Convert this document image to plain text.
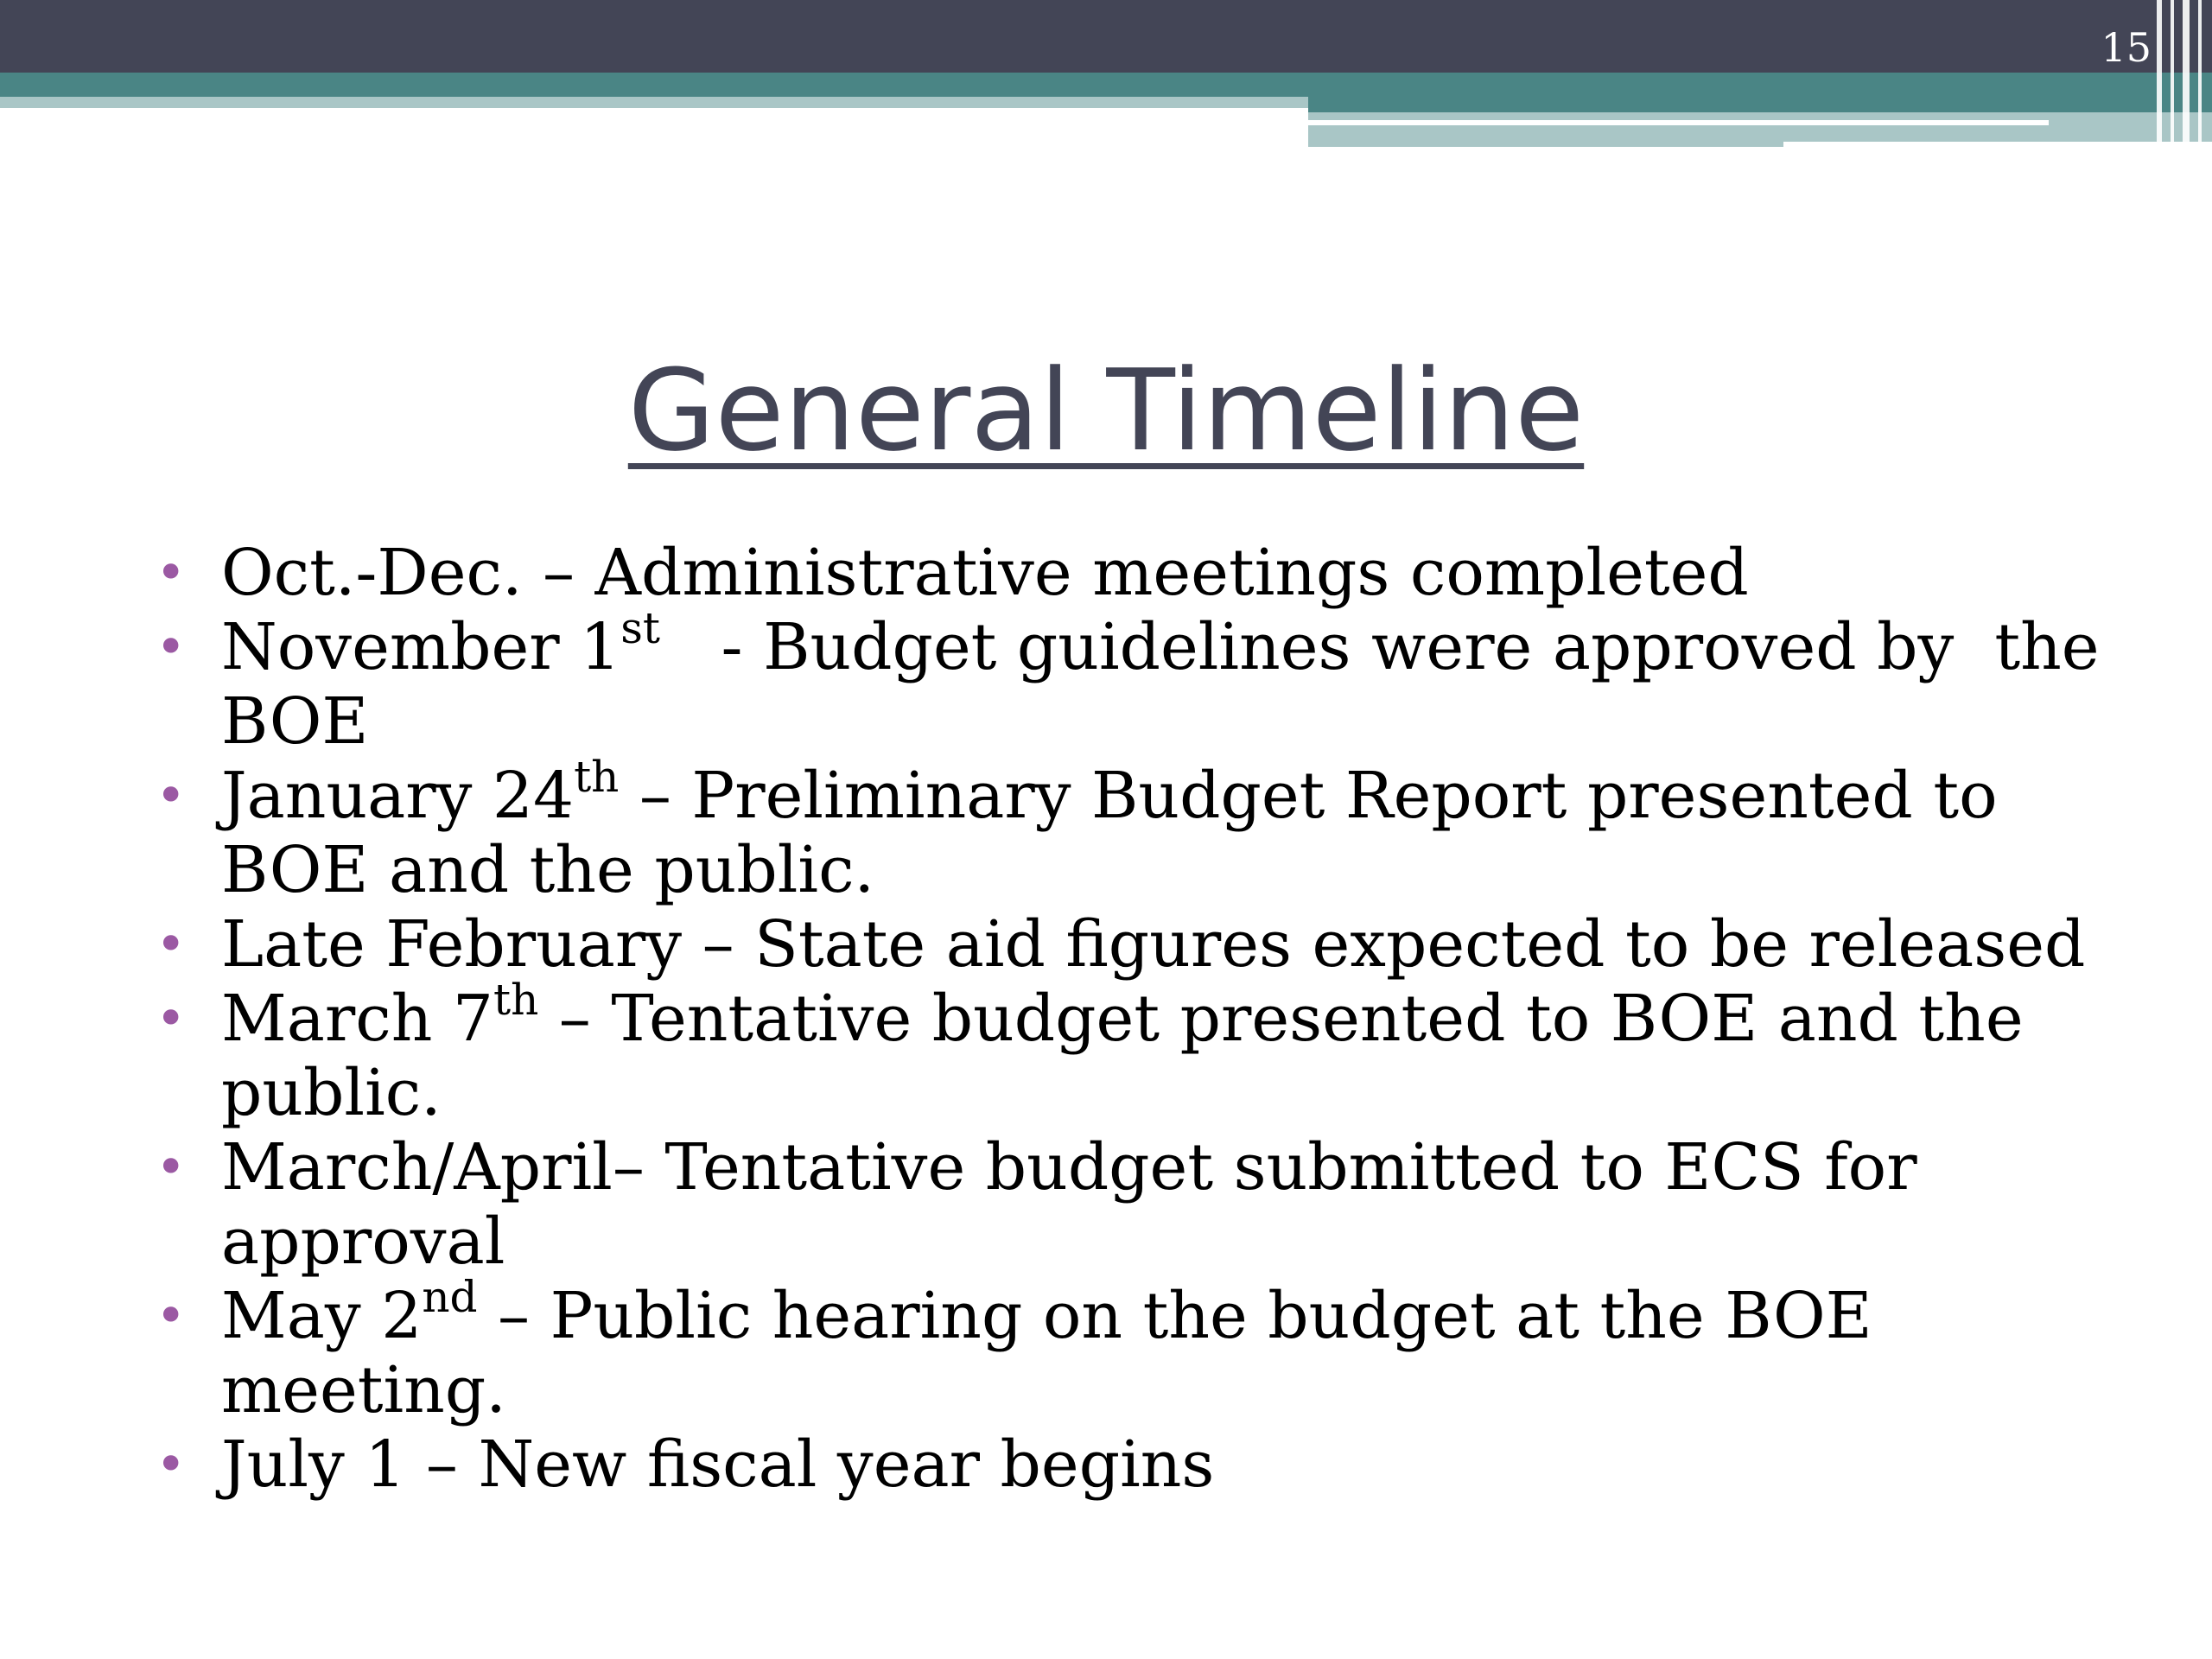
15
General Timeline
• Oct.-Dec. – Administrative meetings completed
• November 1st   - Budget guidelines were approved by  the BOE
• January 24th – Preliminary Budget Report presented to BOE and the public.
• Late February – State aid figures expected to be released
• March 7th – Tentative budget presented to BOE and the public.
• March/April– Tentative budget submitted to ECS for approval
• May 2nd – Public hearing on the budget at the BOE meeting.
• July 1 – New fiscal year begins
